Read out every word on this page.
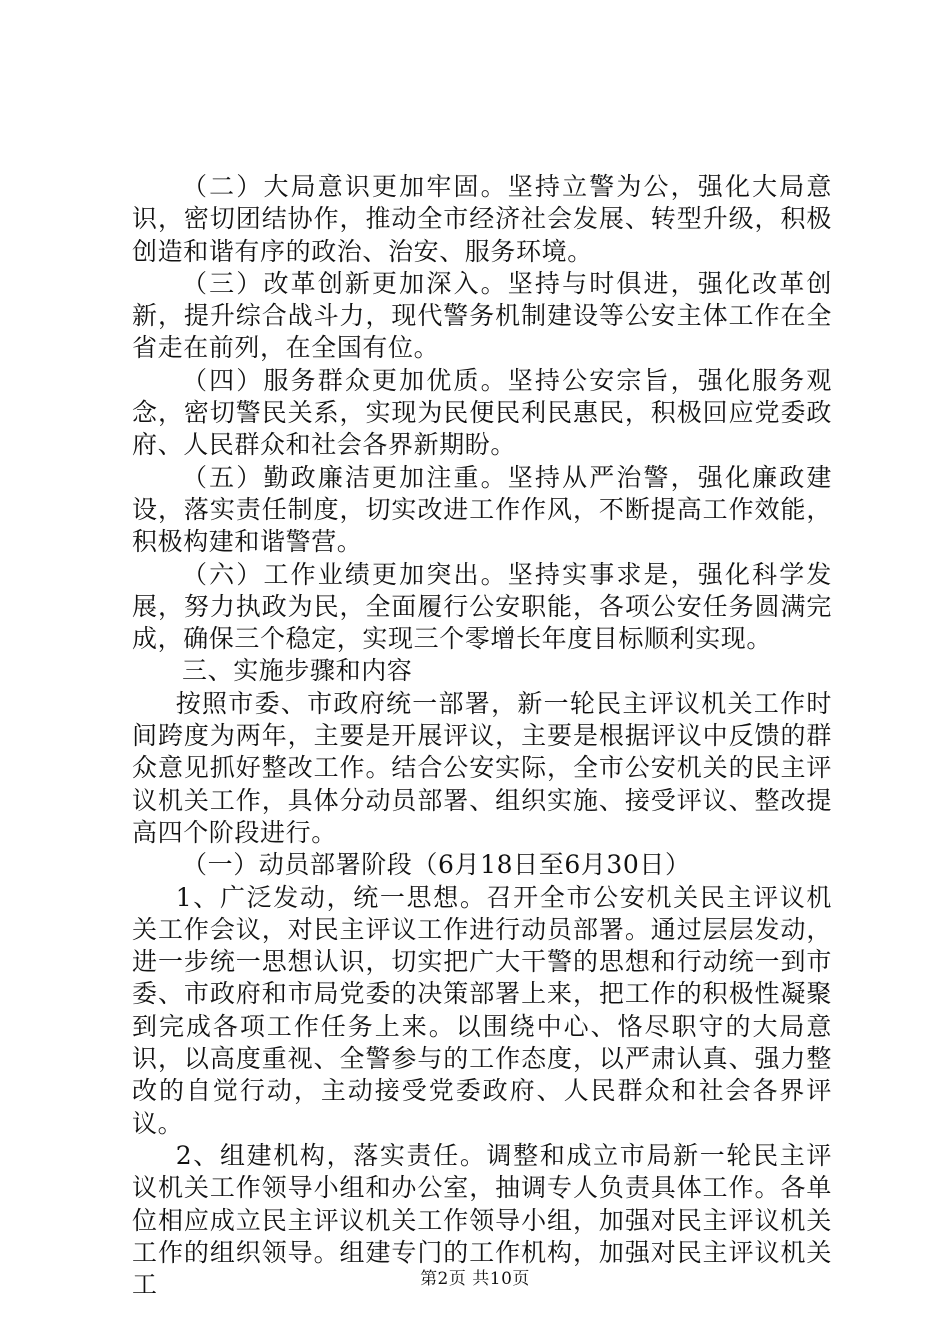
（二）大局意识更加牢固。坚持立警为公，强化大局意识，密切团结协作，推动全市经济社会发展、转型升级，积极创造和谐有序的政治、治安、服务环境。

（三）改革创新更加深入。坚持与时俱进，强化改革创新，提升综合战斗力，现代警务机制建设等公安主体工作在全省走在前列，在全国有位。

（四）服务群众更加优质。坚持公安宗旨，强化服务观念，密切警民关系，实现为民便民利民惠民，积极回应党委政府、人民群众和社会各界新期盼。

（五）勤政廉洁更加注重。坚持从严治警，强化廉政建设，落实责任制度，切实改进工作作风，不断提高工作效能，积极构建和谐警营。

（六）工作业绩更加突出。坚持实事求是，强化科学发展，努力执政为民，全面履行公安职能，各项公安任务圆满完成，确保三个稳定，实现三个零增长年度目标顺利实现。

三、实施步骤和内容

按照市委、市政府统一部署，新一轮民主评议机关工作时间跨度为两年，主要是开展评议，主要是根据评议中反馈的群众意见抓好整改工作。结合公安实际，全市公安机关的民主评议机关工作，具体分动员部署、组织实施、接受评议、整改提高四个阶段进行。

（一）动员部署阶段（6月18日至6月30日）

1、广泛发动，统一思想。召开全市公安机关民主评议机关工作会议，对民主评议工作进行动员部署。通过层层发动，进一步统一思想认识，切实把广大干警的思想和行动统一到市委、市政府和市局党委的决策部署上来，把工作的积极性凝聚到完成各项工作任务上来。以围绕中心、恪尽职守的大局意识，以高度重视、全警参与的工作态度，以严肃认真、强力整改的自觉行动，主动接受党委政府、人民群众和社会各界评议。

2、组建机构，落实责任。调整和成立市局新一轮民主评议机关工作领导小组和办公室，抽调专人负责具体工作。各单位相应成立民主评议机关工作领导小组，加强对民主评议机关工作的组织领导。组建专门的工作机构，加强对民主评议机关工	第2页 共10页
